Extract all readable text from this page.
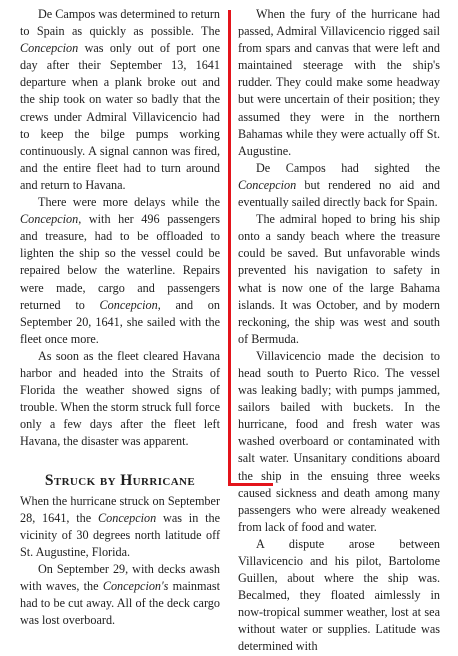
De Campos was determined to return to Spain as quickly as possible. The Concepcion was only out of port one day after their September 13, 1641 departure when a plank broke out and the ship took on water so badly that the crews under Admiral Villavicencio had to keep the bilge pumps working continuously. A signal cannon was fired, and the entire fleet had to turn around and return to Havana.

There were more delays while the Concepcion, with her 496 passengers and treasure, had to be offloaded to lighten the ship so the vessel could be repaired below the waterline. Repairs were made, cargo and passengers returned to Concepcion, and on September 20, 1641, she sailed with the fleet once more.

As soon as the fleet cleared Havana harbor and headed into the Straits of Florida the weather showed signs of trouble. When the storm struck full force only a few days after the fleet left Havana, the disaster was apparent.

Struck by Hurricane

When the hurricane struck on September 28, 1641, the Concepcion was in the vicinity of 30 degrees north latitude off St. Augustine, Florida.

On September 29, with decks awash with waves, the Concepcion's mainmast had to be cut away. All of the deck cargo was lost overboard.

When the fury of the hurricane had passed, Admiral Villavicencio rigged sail from spars and canvas that were left and maintained steerage with the ship's rudder. They could make some headway but were uncertain of their position; they assumed they were in the northern Bahamas while they were actually off St. Augustine.

De Campos had sighted the Concepcion but rendered no aid and eventually sailed directly back for Spain.

The admiral hoped to bring his ship onto a sandy beach where the treasure could be saved. But unfavorable winds prevented his navigation to safety in what is now one of the large Bahama islands. It was October, and by modern reckoning, the ship was west and south of Bermuda.

Villavicencio made the decision to head south to Puerto Rico. The vessel was leaking badly; with pumps jammed, sailors bailed with buckets. In the hurricane, food and fresh water was washed overboard or contaminated with salt water. Unsanitary conditions aboard the ship in the ensuing three weeks caused sickness and death among many passengers who were already weakened from lack of food and water.

A dispute arose between Villavicencio and his pilot, Bartolome Guillen, about where the ship was. Becalmed, they floated aimlessly in now-tropical summer weather, lost at sea without water or supplies. Latitude was determined with
